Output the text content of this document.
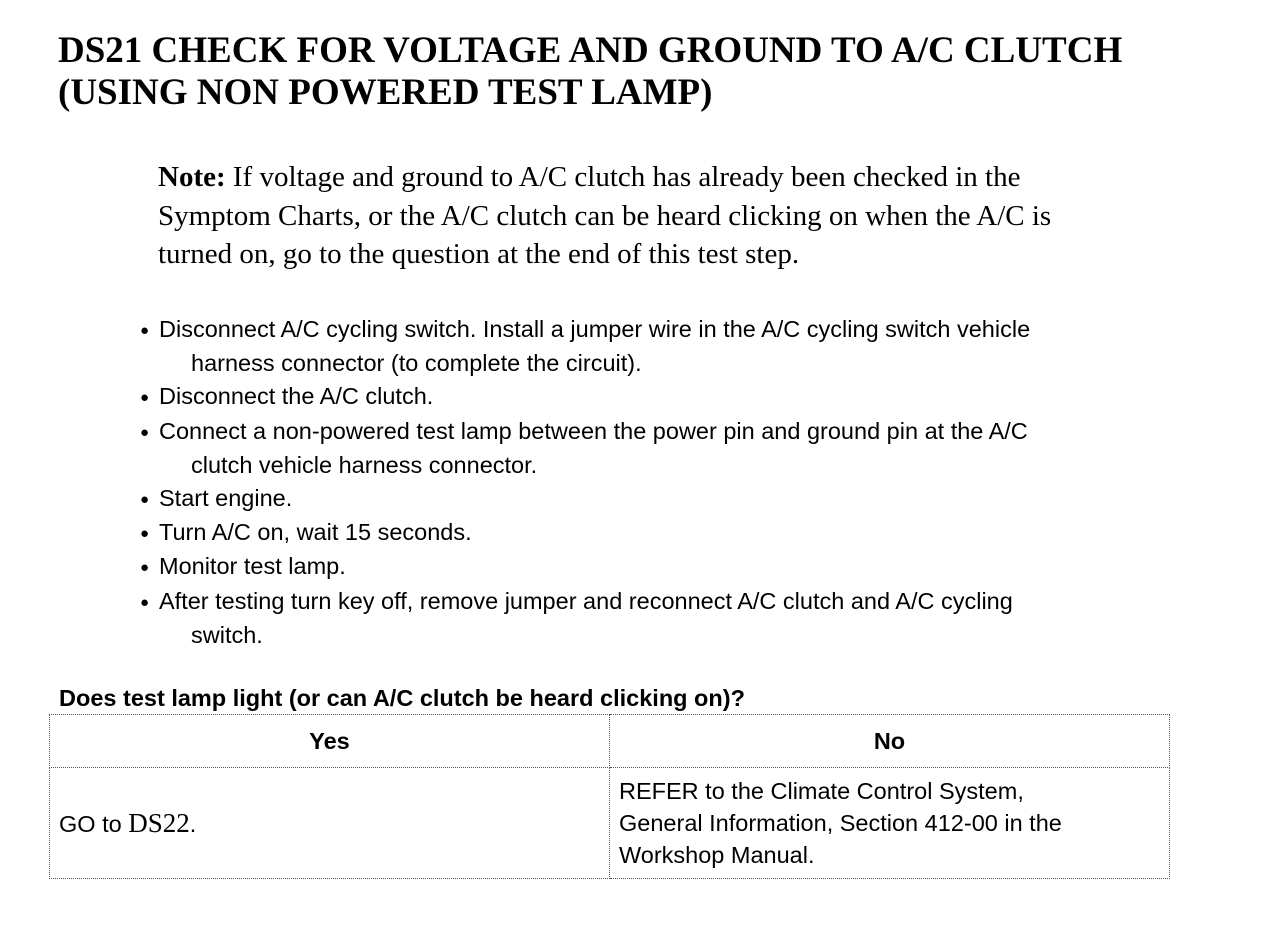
DS21 CHECK FOR VOLTAGE AND GROUND TO A/C CLUTCH
(USING NON POWERED TEST LAMP)
Note: If voltage and ground to A/C clutch has already been checked in the
Symptom Charts, or the A/C clutch can be heard clicking on when the A/C is
turned on, go to the question at the end of this test step.
● Disconnect A/C cycling switch. Install a jumper wire in the A/C cycling switch vehicle
harness connector (to complete the circuit).
● Disconnect the A/C clutch.
● Connect a non-powered test lamp between the power pin and ground pin at the A/C
clutch vehicle harness connector.
● Start engine.
● Turn A/C on, wait 15 seconds.
● Monitor test lamp.
● After testing turn key off, remove jumper and reconnect A/C clutch and A/C cycling
switch.

Does test lamp light (or can A/C clutch be heard clicking on)?

Yes	No
GO to DS22.	REFER to the Climate Control System,
General Information, Section 412-00 in the
Workshop Manual.
